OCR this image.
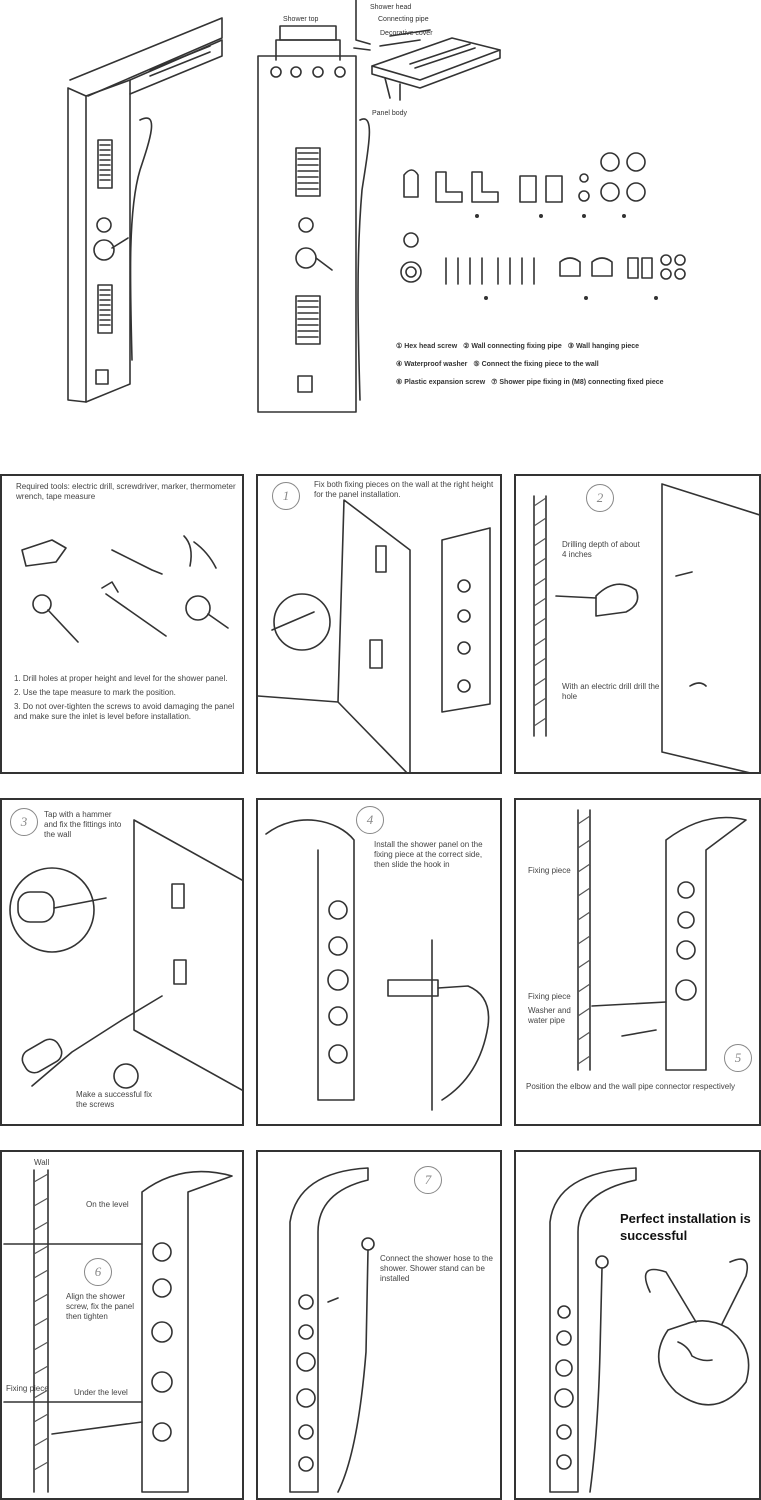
Shower top
Shower head
Connecting pipe
Decorative cover
Panel body
① Hex head screw ② Wall connecting fixing pipe ③ Wall hanging piece
④ Waterproof washer ⑤ Connect the fixing piece to the wall
⑥ Plastic expansion screw ⑦ Shower pipe fixing in (M8) connecting fixed piece
Required tools: electric drill, screwdriver, marker, thermometer wrench, tape measure
1. Drill holes at proper height and level for the shower panel.
2. Use the tape measure to mark the position.
3. Do not over-tighten the screws to avoid damaging the panel and make sure the inlet is level before installation.
1
Fix both fixing pieces on the wall at the right height for the panel installation.	2
Drilling depth of about 4 inches
With an electric drill drill the hole
3	Tap with a hammer and fix the fittings into the wall
Make a successful fix the screws
4
Install the shower panel on the fixing piece at the correct side, then slide the hook in
5
Position the elbow and the wall pipe connector respectively
Fixing piece
Fixing piece
Washer and water pipe
6
Align the shower screw, fix the panel then tighten
Wall
On the level
Fixing piece	Under the level
7
Connect the shower hose to the shower. Shower stand can be installed
Perfect installation is successful
